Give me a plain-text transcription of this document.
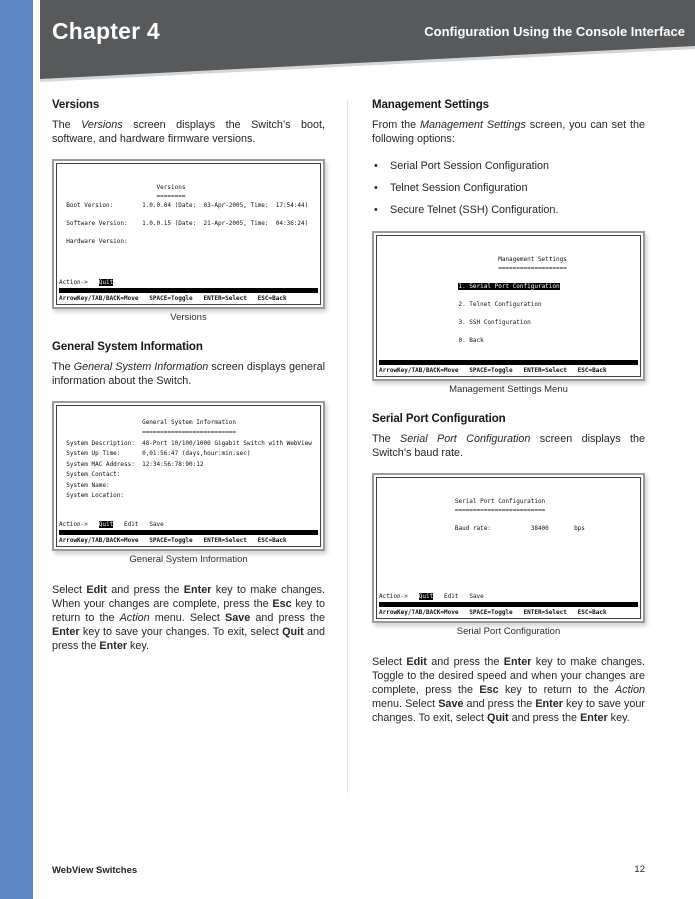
Chapter 4	Configuration Using the Console Interface
Versions

The Versions screen displays the Switch’s boot, software, and hardware firmware versions.

Versions
========
Boot Version:        1.0.0.04 (Date:  03-Apr-2005, Time:  17:54:44)

Software Version:    1.0.0.15 (Date:  21-Apr-2005, Time:  04:36:24)

Hardware Version:
Action->   Quit
ArrowKey/TAB/BACK=Move   SPACE=Toggle   ENTER=Select   ESC=Back
Versions
General System Information

The General System Information screen displays general information about the Switch.

General System Information
==========================
System Description:  48-Port 10/100/1000 Gigabit Switch with WebView
System Up Time:      0,01:56:47 (days,hour:min:sec)
System MAC Address:  12:34:56:78:90:12
System Contact:
System Name:
System Location:
Action->   Quit   Edit   Save
ArrowKey/TAB/BACK=Move   SPACE=Toggle   ENTER=Select   ESC=Back
General System Information

Select Edit and press the Enter key to make changes. When your changes are complete, press the Esc key to return to the Action menu. Select Save and press the Enter key to save your changes. To exit, select Quit and press the Enter key.

Management Settings

From the Management Settings screen, you can set the following options:

•	Serial Port Session Configuration
•	Telnet Session Configuration
•	Secure Telnet (SSH) Configuration.

Management Settings
===================

1. Serial Port Configuration

2. Telnet Configuration

3. SSH Configuration

0. Back
ArrowKey/TAB/BACK=Move   SPACE=Toggle   ENTER=Select   ESC=Back
Management Settings Menu
Serial Port Configuration

The Serial Port Configuration screen displays the Switch’s baud rate.

Serial Port Configuration
=========================

Baud rate:           38400       bps
Action->   Quit   Edit   Save
ArrowKey/TAB/BACK=Move   SPACE=Toggle   ENTER=Select   ESC=Back
Serial Port Configuration

Select Edit and press the Enter key to make changes. Toggle to the desired speed and when your changes are complete, press the Esc key to return to the Action menu. Select Save and press the Enter key to save your changes. To exit, select Quit and press the Enter key.

WebView Switches	12
